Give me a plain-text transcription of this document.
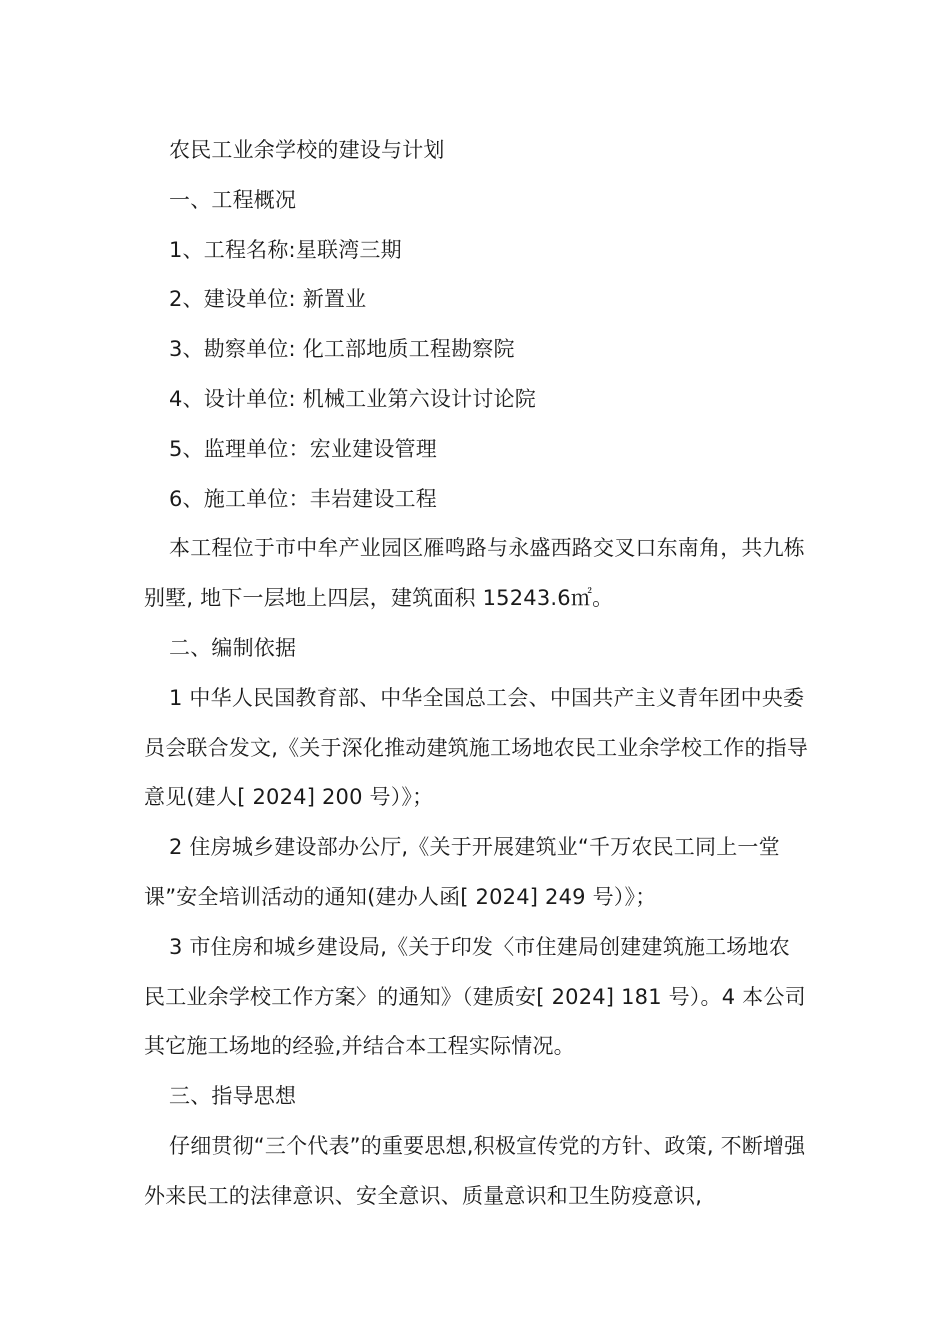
农民工业余学校的建设与计划

一、工程概况

1、工程名称:星联湾三期

2、建设单位: 新置业

3、勘察单位: 化工部地质工程勘察院

4、设计单位: 机械工业第六设计讨论院

5、监理单位：宏业建设管理

6、施工单位：丰岩建设工程

本工程位于市中牟产业园区雁鸣路与永盛西路交叉口东南角，共九栋别墅, 地下一层地上四层，建筑面积 15243.6㎡。

二、编制依据

1 中华人民国教育部、中华全国总工会、中国共产主义青年团中央委员会联合发文,《关于深化推动建筑施工场地农民工业余学校工作的指导意见(建人[ 2024] 200 号）》；

2 住房城乡建设部办公厅,《关于开展建筑业“千万农民工同上一堂课”安全培训活动的通知(建办人函[ 2024] 249 号）》；

3 市住房和城乡建设局,《关于印发〈市住建局创建建筑施工场地农民工业余学校工作方案〉的通知》（建质安[ 2024] 181 号）。4 本公司其它施工场地的经验,并结合本工程实际情况。

三、指导思想

仔细贯彻“三个代表”的重要思想,积极宣传党的方针、政策, 不断增强外来民工的法律意识、安全意识、质量意识和卫生防疫意识,
